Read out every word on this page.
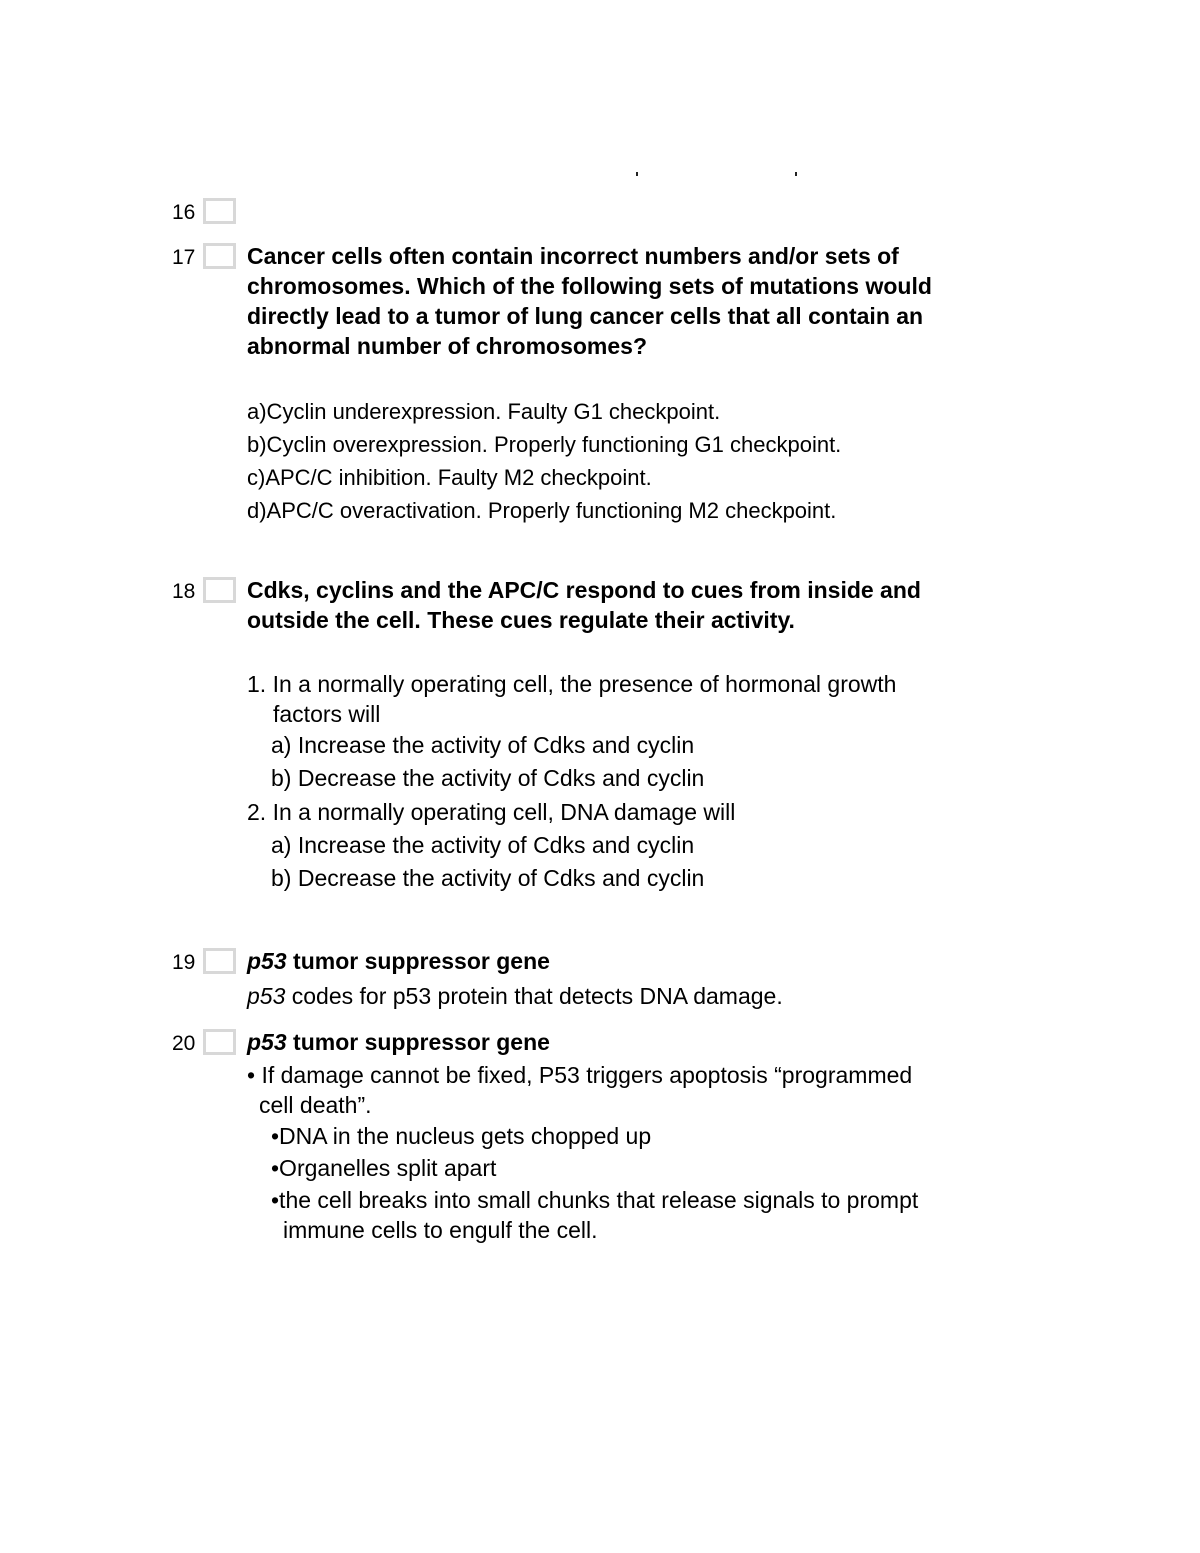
16
17 Cancer cells often contain incorrect numbers and/or sets of
chromosomes. Which of the following sets of mutations would
directly lead to a tumor of lung cancer cells that all contain an
abnormal number of chromosomes?
a)Cyclin underexpression. Faulty G1 checkpoint.
b)Cyclin overexpression. Properly functioning G1 checkpoint.
c)APC/C inhibition. Faulty M2 checkpoint.
d)APC/C overactivation. Properly functioning M2 checkpoint.
18 Cdks, cyclins and the APC/C respond to cues from inside and
outside the cell. These cues regulate their activity.
1. In a normally operating cell, the presence of hormonal growth
factors will
a) Increase the activity of Cdks and cyclin
b) Decrease the activity of Cdks and cyclin
2. In a normally operating cell, DNA damage will
a) Increase the activity of Cdks and cyclin
b) Decrease the activity of Cdks and cyclin
19 p53 tumor suppressor gene
p53 codes for p53 protein that detects DNA damage.
20 p53 tumor suppressor gene
• If damage cannot be fixed, P53 triggers apoptosis “programmed
cell death”.
•DNA in the nucleus gets chopped up
•Organelles split apart
•the cell breaks into small chunks that release signals to prompt
immune cells to engulf the cell.
